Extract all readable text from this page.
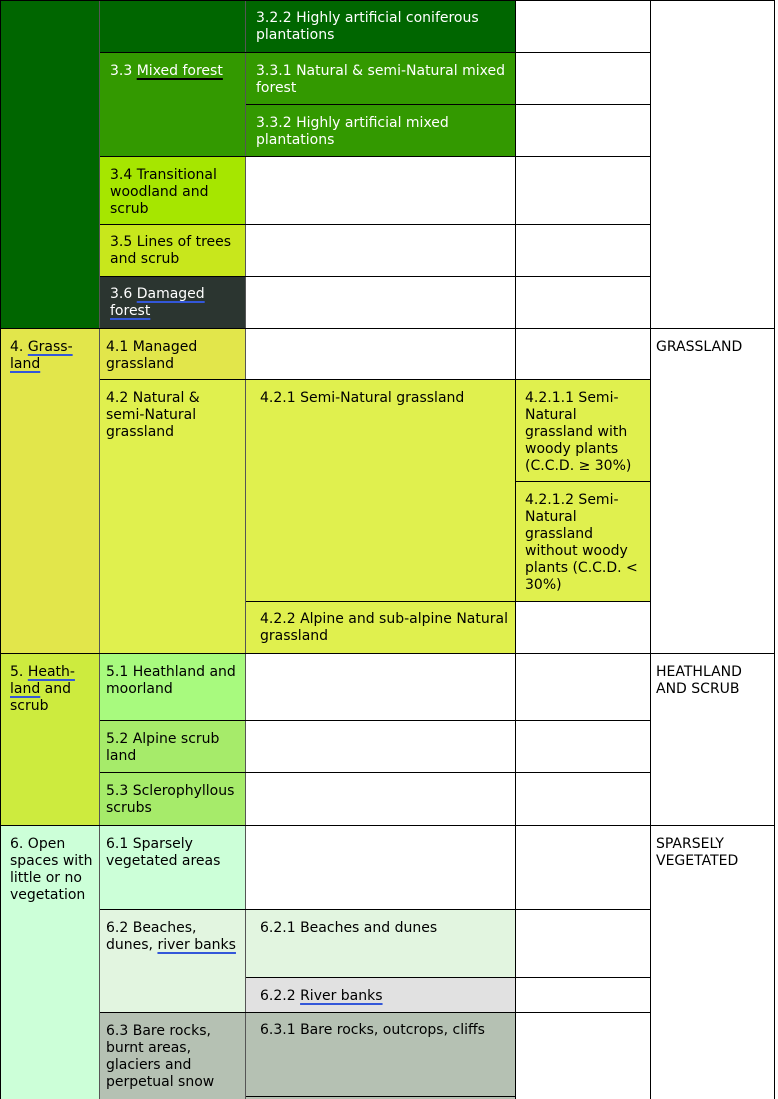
3.2.2 Highly artificial coniferous plantations
3.3 Mixed forest	3.3.1 Natural & semi-Natural mixed forest
3.3.2 Highly artificial mixed plantations
3.4 Transitional woodland and scrub
3.5 Lines of trees and scrub
3.6 Damaged forest
4. Grass-land
4.1 Managed grassland
4.2 Natural & semi-Natural grassland
4.2.1 Semi-Natural grassland	4.2.1.1 Semi-Natural grassland with woody plants (C.C.D. ≥ 30%)
4.2.1.2 Semi-Natural grassland without woody plants (C.C.D. < 30%)
4.2.2 Alpine and sub-alpine Natural grassland
GRASSLAND
5. Heath-land and scrub
5.1 Heathland and moorland
5.2 Alpine scrub land
5.3 Sclerophyllous scrubs
HEATHLAND AND SCRUB
6. Open spaces with little or no vegetation
6.1 Sparsely vegetated areas
6.2 Beaches, dunes, river banks
6.2.1 Beaches and dunes
6.2.2 River banks
6.3 Bare rocks, burnt areas, glaciers and perpetual snow
6.3.1 Bare rocks, outcrops, cliffs
SPARSELY VEGETATED
